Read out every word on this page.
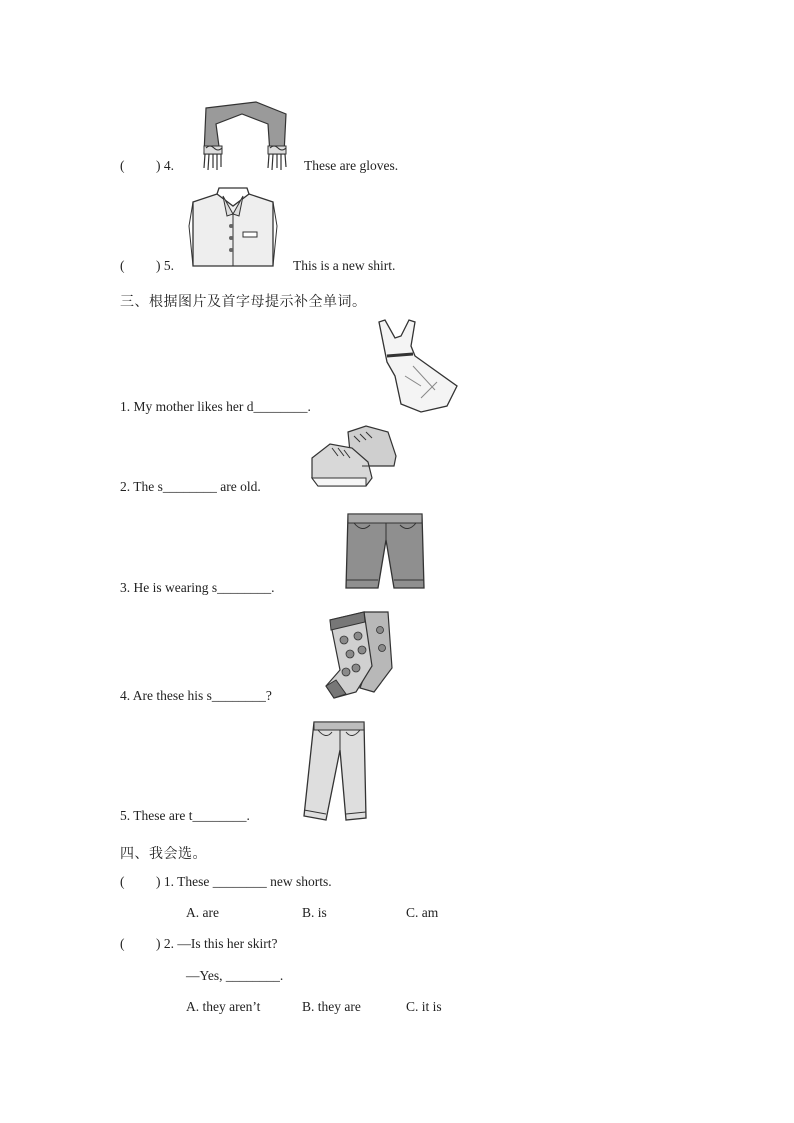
( ) 4.	These are gloves.
( ) 5.	This is a new shirt.
三、根据图片及首字母提示补全单词。
1. My mother likes her d________.
2. The s________ are old.
3. He is wearing s________.
4. Are these his s________?
5. These are t________.
四、我会选。
( ) 1. These ________ new shorts.
A. are	B. is	C. am
( ) 2. —Is this her skirt?
—Yes, ________.
A. they aren’t	B. they are	C. it is
